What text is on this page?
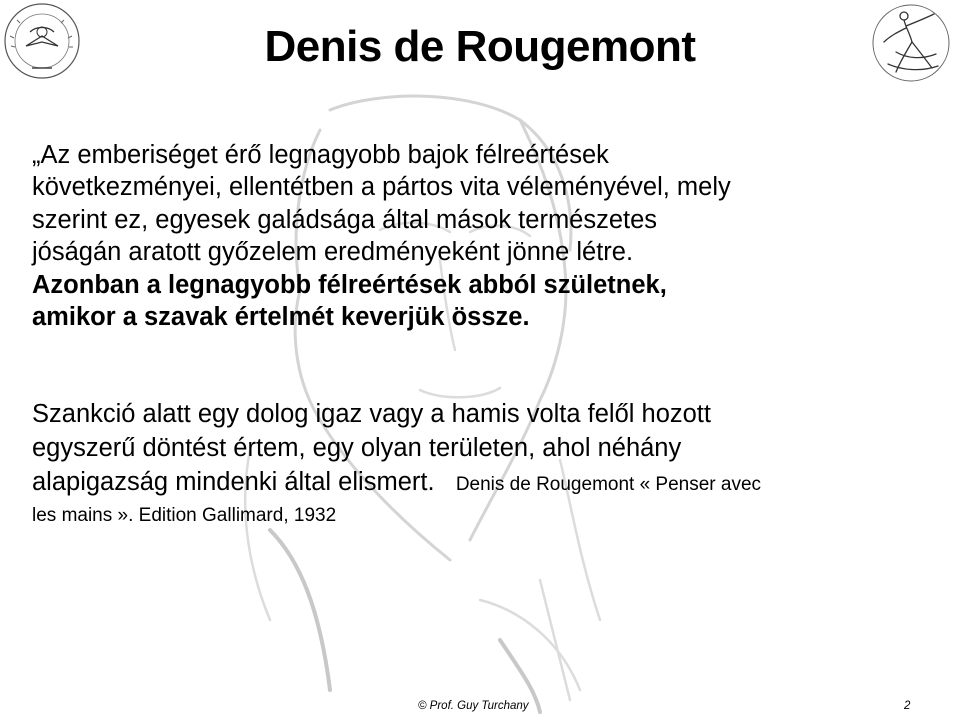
Denis de Rougemont
„Az emberiséget érő legnagyobb bajok félreértések
következményei, ellentétben a pártos vita véleményével, mely
szerint ez, egyesek galádsága által mások természetes
jóságán aratott győzelem eredményeként jönne létre.
Azonban a legnagyobb félreértések abból születnek,
amikor a szavak értelmét keverjük össze.
Szankció alatt egy dolog igaz vagy a hamis volta felől hozott
egyszerű döntést értem, egy olyan területen, ahol néhány
alapigazság mindenki által elismert. Denis de Rougemont « Penser avec
les mains ». Edition Gallimard, 1932
© Prof. Guy Turchany	2
